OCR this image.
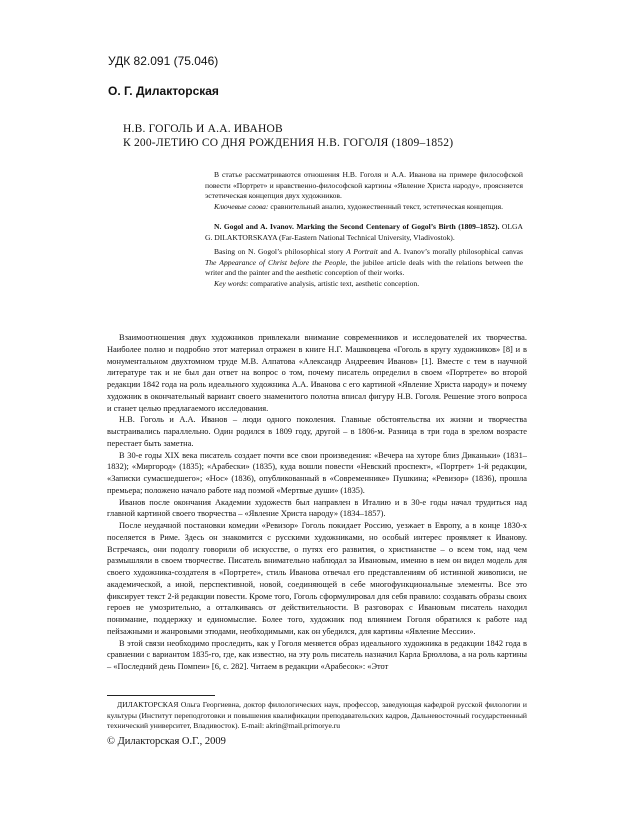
УДК 82.091 (75.046)
О. Г. Дилакторская
Н.В. ГОГОЛЬ И А.А. ИВАНОВ
К 200-ЛЕТИЮ СО ДНЯ РОЖДЕНИЯ Н.В. ГОГОЛЯ (1809–1852)

В статье рассматриваются отношения Н.В. Гоголя и А.А. Иванова на примере философской повести «Портрет» и нравственно-философской картины «Явление Христа народу», проясняется эстетическая концепция двух художников.

Ключевые слова: сравнительный анализ, художественный текст, эстетическая концепция.

N. Gogol and A. Ivanov. Marking the Second Centenary of Gogol’s Birth (1809–1852). OLGA G. DILAKTORSKAYA (Far-Eastern National Technical University, Vladivostok).

Basing on N. Gogol’s philosophical story A Portrait and A. Ivanov’s morally philosophical canvas The Appearance of Christ before the People, the jubilee article deals with the relations between the writer and the painter and the aesthetic conception of their works.

Key words: comparative analysis, artistic text, aesthetic conception.

Взаимоотношения двух художников привлекали внимание современников и исследователей их творчества. Наиболее полно и подробно этот материал отражен в книге Н.Г. Машковцева «Гоголь в кругу художников» [8] и в монументальном двухтомном труде М.В. Алпатова «Александр Андреевич Иванов» [1]. Вместе с тем в научной литературе так и не был дан ответ на вопрос о том, почему писатель определил в своем «Портрете» во второй редакции 1842 года на роль идеального художника А.А. Иванова с его картиной «Явление Христа народу» и почему художник в окончательный вариант своего знаменитого полотна вписал фигуру Н.В. Гоголя. Решение этого вопроса и станет целью предлагаемого исследования.

Н.В. Гоголь и А.А. Иванов – люди одного поколения. Главные обстоятельства их жизни и творчества выстраивались параллельно. Один родился в 1809 году, другой – в 1806-м. Разница в три года в зрелом возрасте перестает быть заметна.

В 30-е годы XIX века писатель создает почти все свои произведения: «Вечера на хуторе близ Диканьки» (1831–1832); «Миргород» (1835); «Арабески» (1835), куда вошли повести «Невский проспект», «Портрет» 1-й редакции, «Записки сумасшедшего»; «Нос» (1836), опубликованный в «Современнике» Пушкина; «Ревизор» (1836), прошла премьера; положено начало работе над поэмой «Мертвые души» (1835).

Иванов после окончания Академии художеств был направлен в Италию и в 30-е годы начал трудиться над главной картиной своего творчества – «Явление Христа народу» (1834–1857).

После неудачной постановки комедии «Ревизор» Гоголь покидает Россию, уезжает в Европу, а в конце 1830-х поселяется в Риме. Здесь он знакомится с русскими художниками, но особый интерес проявляет к Иванову. Встречаясь, они подолгу говорили об искусстве, о путях его развития, о христианстве – о всем том, над чем размышляли в своем творчестве. Писатель внимательно наблюдал за Ивановым, именно в нем он видел модель для своего художника-создателя в «Портрете», стиль Иванова отвечал его представлениям об истинной живописи, не академической, а иной, перспективной, новой, соединяющей в себе многофункциональные элементы. Все это фиксирует текст 2-й редакции повести. Кроме того, Гоголь сформулировал для себя правило: создавать образы своих героев не умозрительно, а отталкиваясь от действительности. В разговорах с Ивановым писатель находил понимание, поддержку и единомыслие. Более того, художник под влиянием Гоголя обратился к работе над пейзажными и жанровыми этюдами, необходимыми, как он убедился, для картины «Явление Мессии».

В этой связи необходимо проследить, как у Гоголя меняется образ идеального художника в редакции 1842 года в сравнении с вариантом 1835-го, где, как известно, на эту роль писатель назначил Карла Брюллова, а на роль картины – «Последний день Помпеи» [6, с. 282]. Читаем в редакции «Арабесок»: «Этот

ДИЛАКТОРСКАЯ Ольга Георгиевна, доктор филологических наук, профессор, заведующая кафедрой русской филологии и культуры (Институт переподготовки и повышения квалификации преподавательских кадров, Дальневосточный государственный технический университет, Владивосток). E-mail: akrin@mail.primorye.ru

© Дилакторская О.Г., 2009
